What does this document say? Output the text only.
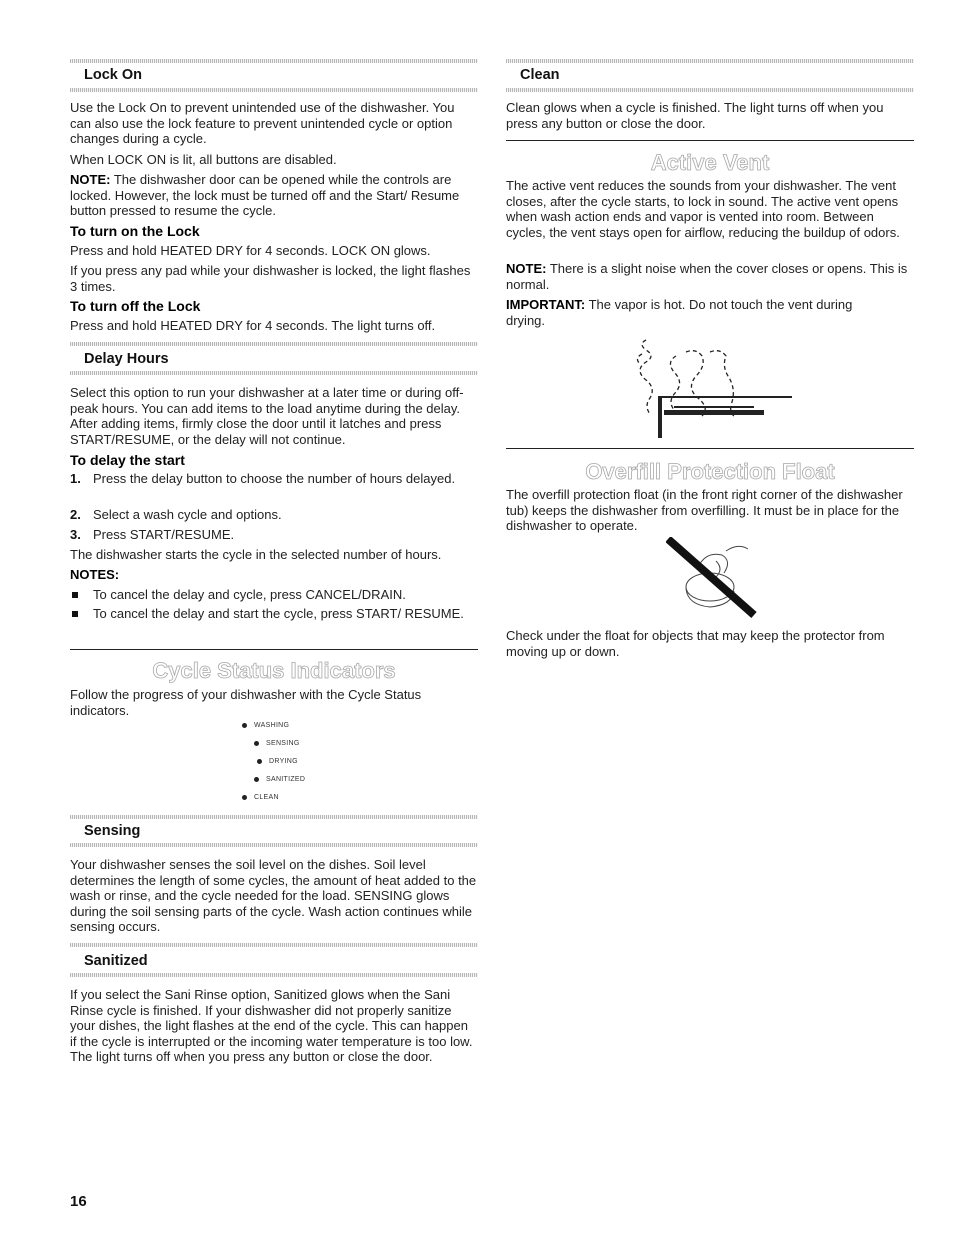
Lock On

Use the Lock On to prevent unintended use of the dishwasher. You can also use the lock feature to prevent unintended cycle or option changes during a cycle.

When LOCK ON is lit, all buttons are disabled.

NOTE: The dishwasher door can be opened while the controls are locked. However, the lock must be turned off and the Start/ Resume button pressed to resume the cycle.

To turn on the Lock

Press and hold HEATED DRY for 4 seconds. LOCK ON glows.

If you press any pad while your dishwasher is locked, the light flashes 3 times.

To turn off the Lock

Press and hold HEATED DRY for 4 seconds. The light turns off.

Delay Hours

Select this option to run your dishwasher at a later time or during off-peak hours. You can add items to the load anytime during the delay. After adding items, firmly close the door until it latches and press START/RESUME, or the delay will not continue.

To delay the start
1. Press the delay button to choose the number of hours delayed.

2. Select a wash cycle and options.

3. Press START/RESUME.

The dishwasher starts the cycle in the selected number of hours.

NOTES:

To cancel the delay and cycle, press CANCEL/DRAIN.

To cancel the delay and start the cycle, press START/ RESUME.

Cycle Status Indicators

Follow the progress of your dishwasher with the Cycle Status indicators.

WASHING
SENSING
DRYING
SANITIZED
CLEAN
Sensing

Your dishwasher senses the soil level on the dishes. Soil level determines the length of some cycles, the amount of heat added to the wash or rinse, and the cycle needed for the load. SENSING glows during the soil sensing parts of the cycle. Wash action continues while sensing occurs.

Sanitized

If you select the Sani Rinse option, Sanitized glows when the Sani Rinse cycle is finished. If your dishwasher did not properly sanitize your dishes, the light flashes at the end of the cycle. This can happen if the cycle is interrupted or the incoming water temperature is too low. The light turns off when you press any button or close the door.

Clean

Clean glows when a cycle is finished. The light turns off when you press any button or close the door.

Active Vent

The active vent reduces the sounds from your dishwasher. The vent closes, after the cycle starts, to lock in sound. The active vent opens when wash action ends and vapor is vented into room. Between cycles, the vent stays open for airflow, reducing the buildup of odors.

NOTE: There is a slight noise when the cover closes or opens. This is normal.

IMPORTANT: The vapor is hot. Do not touch the vent during drying.

Overfill Protection Float

The overfill protection float (in the front right corner of the dishwasher tub) keeps the dishwasher from overfilling. It must be in place for the dishwasher to operate.

Check under the float for objects that may keep the protector from moving up or down.

16
